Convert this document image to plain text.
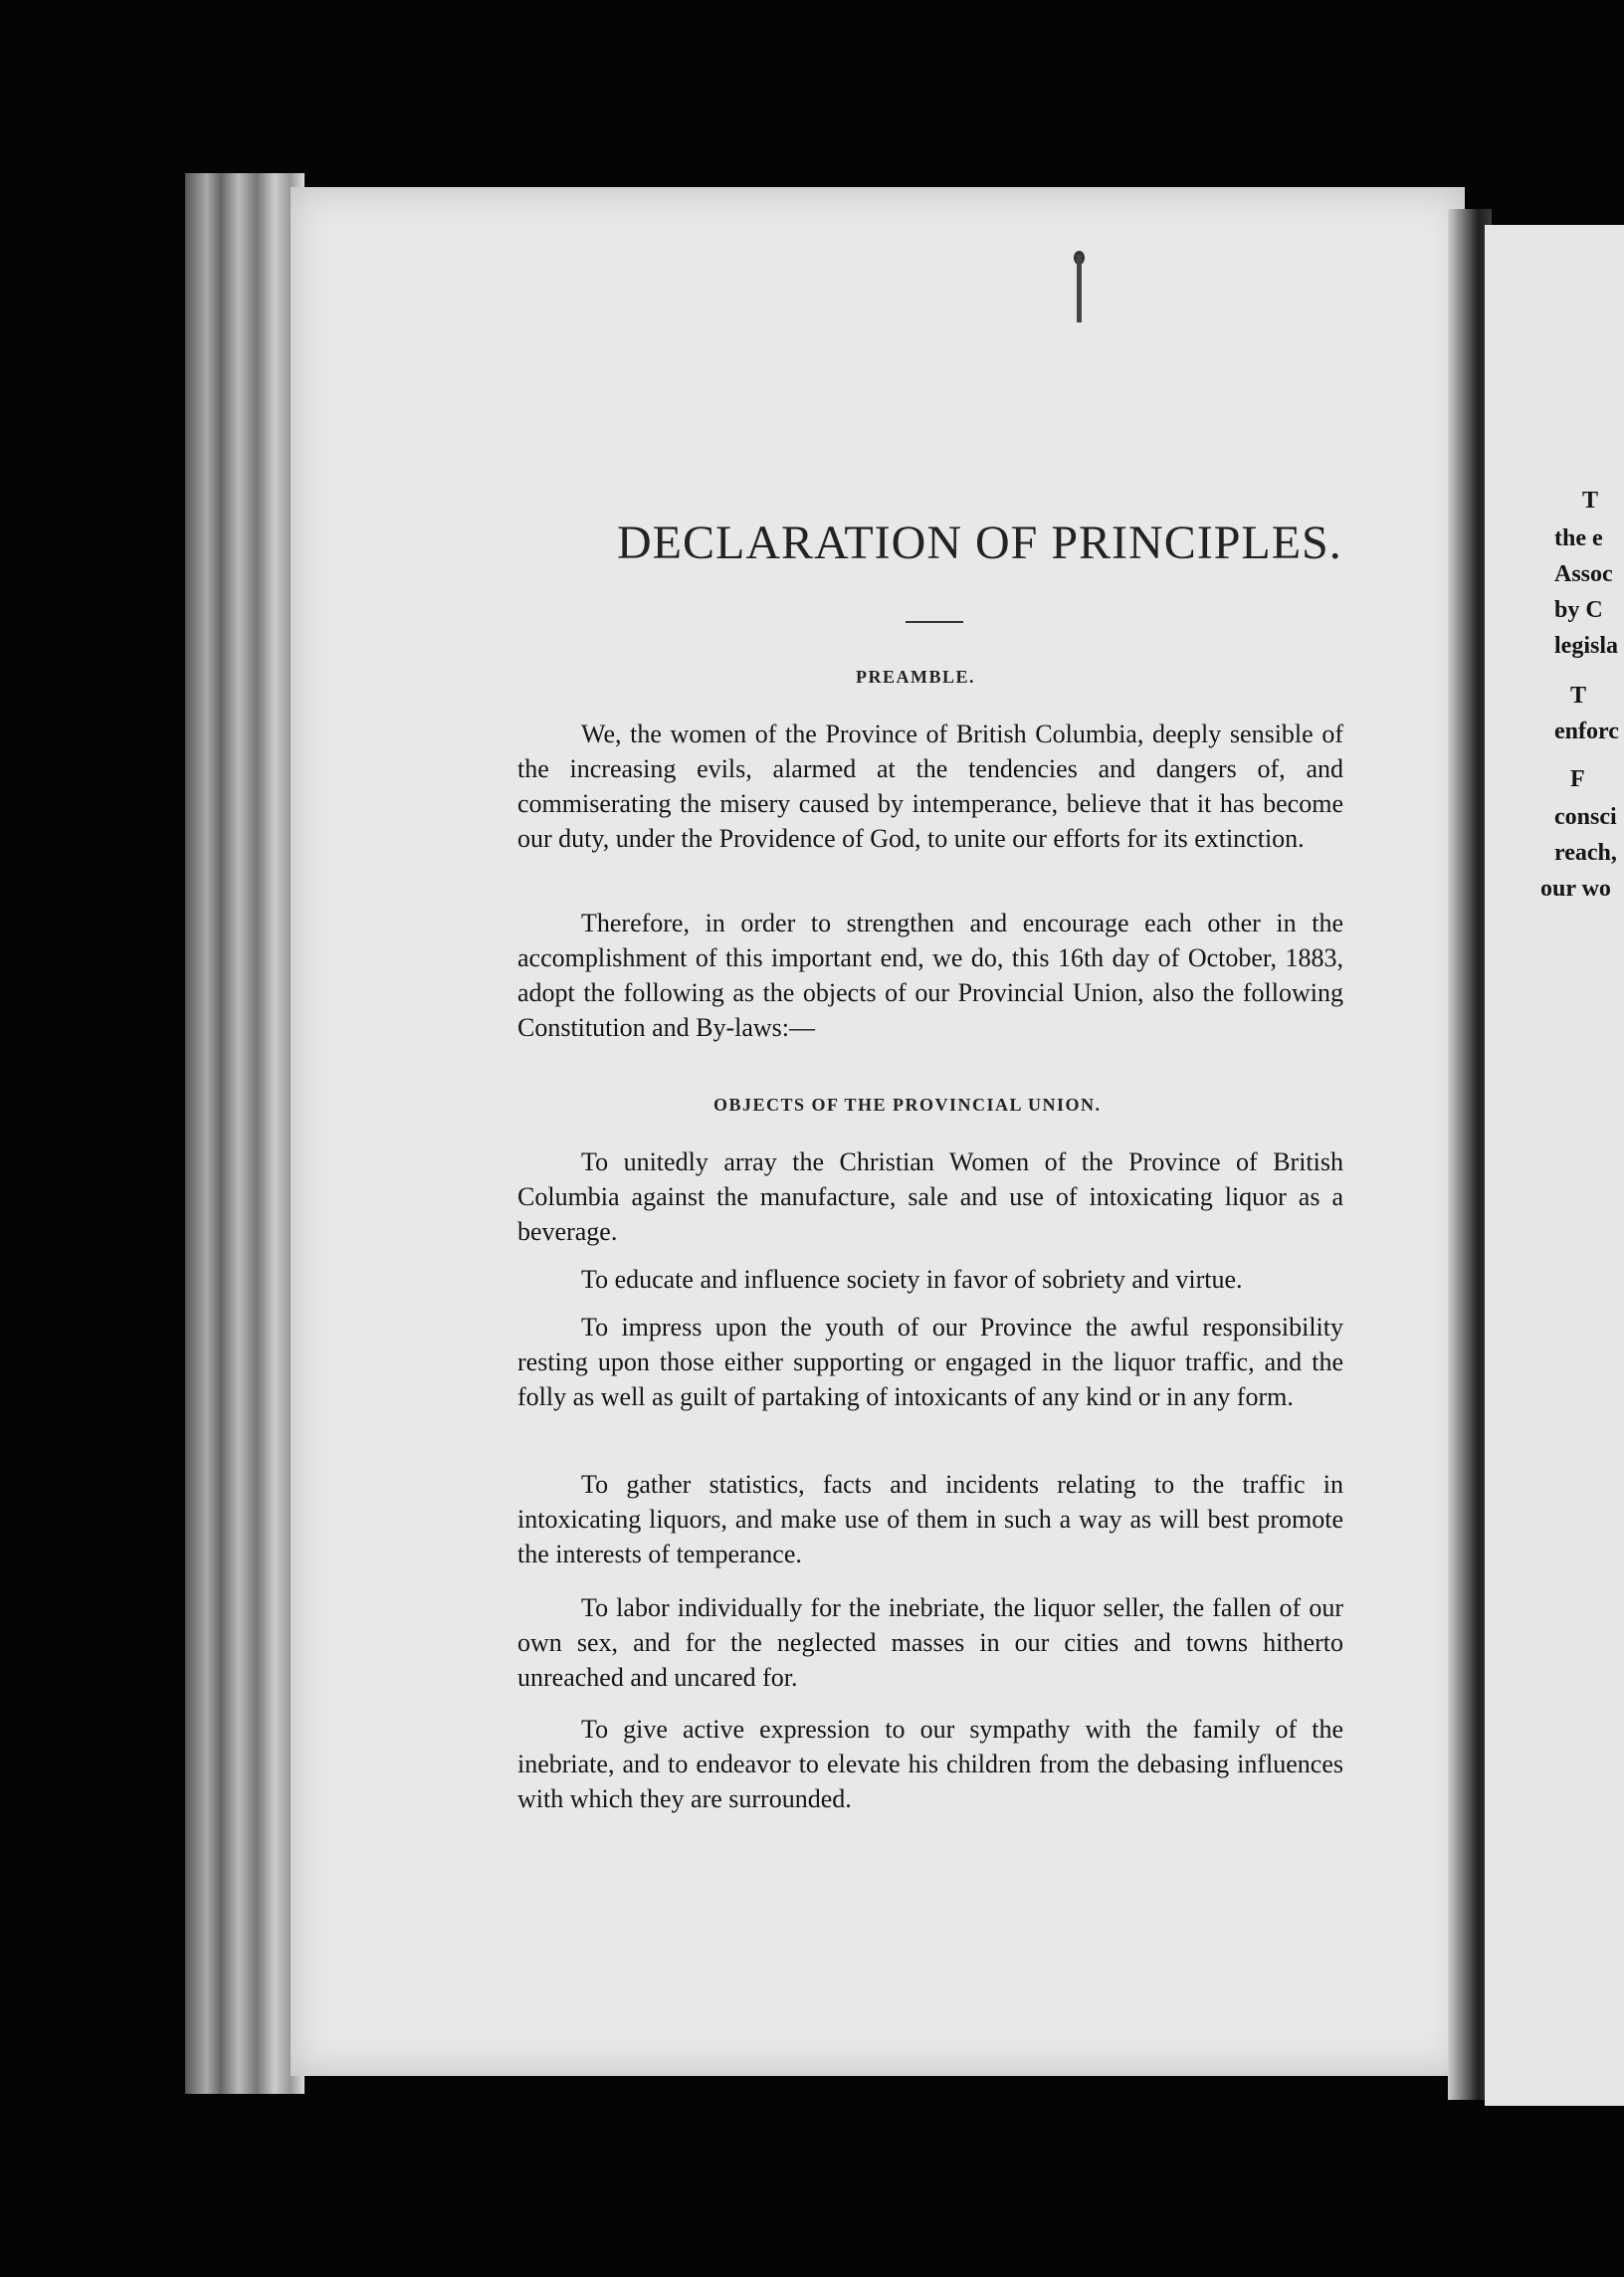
DECLARATION OF PRINCIPLES.
PREAMBLE.

We, the women of the Province of British Columbia, deeply sensible of the increasing evils, alarmed at the tendencies and dangers of, and commiserating the misery caused by intemperance, believe that it has become our duty, under the Providence of God, to unite our efforts for its extinction.

Therefore, in order to strengthen and encourage each other in the accomplishment of this important end, we do, this 16th day of October, 1883, adopt the following as the objects of our Provincial Union, also the following Constitution and By-laws:—

OBJECTS OF THE PROVINCIAL UNION.

To unitedly array the Christian Women of the Province of British Columbia against the manufacture, sale and use of intoxicating liquor as a beverage.

To educate and influence society in favor of sobriety and virtue.

To impress upon the youth of our Province the awful responsibility resting upon those either supporting or engaged in the liquor traffic, and the folly as well as guilt of partaking of intoxicants of any kind or in any form.

To gather statistics, facts and incidents relating to the traffic in intoxicating liquors, and make use of them in such a way as will best promote the interests of temperance.

To labor individually for the inebriate, the liquor seller, the fallen of our own sex, and for the neglected masses in our cities and towns hitherto unreached and uncared for.

To give active expression to our sympathy with the family of the inebriate, and to endeavor to elevate his children from the debasing influences with which they are surrounded.

T
the e
Assoc
by C
legisla
T
enforc
F
consci
reach,
our wo
